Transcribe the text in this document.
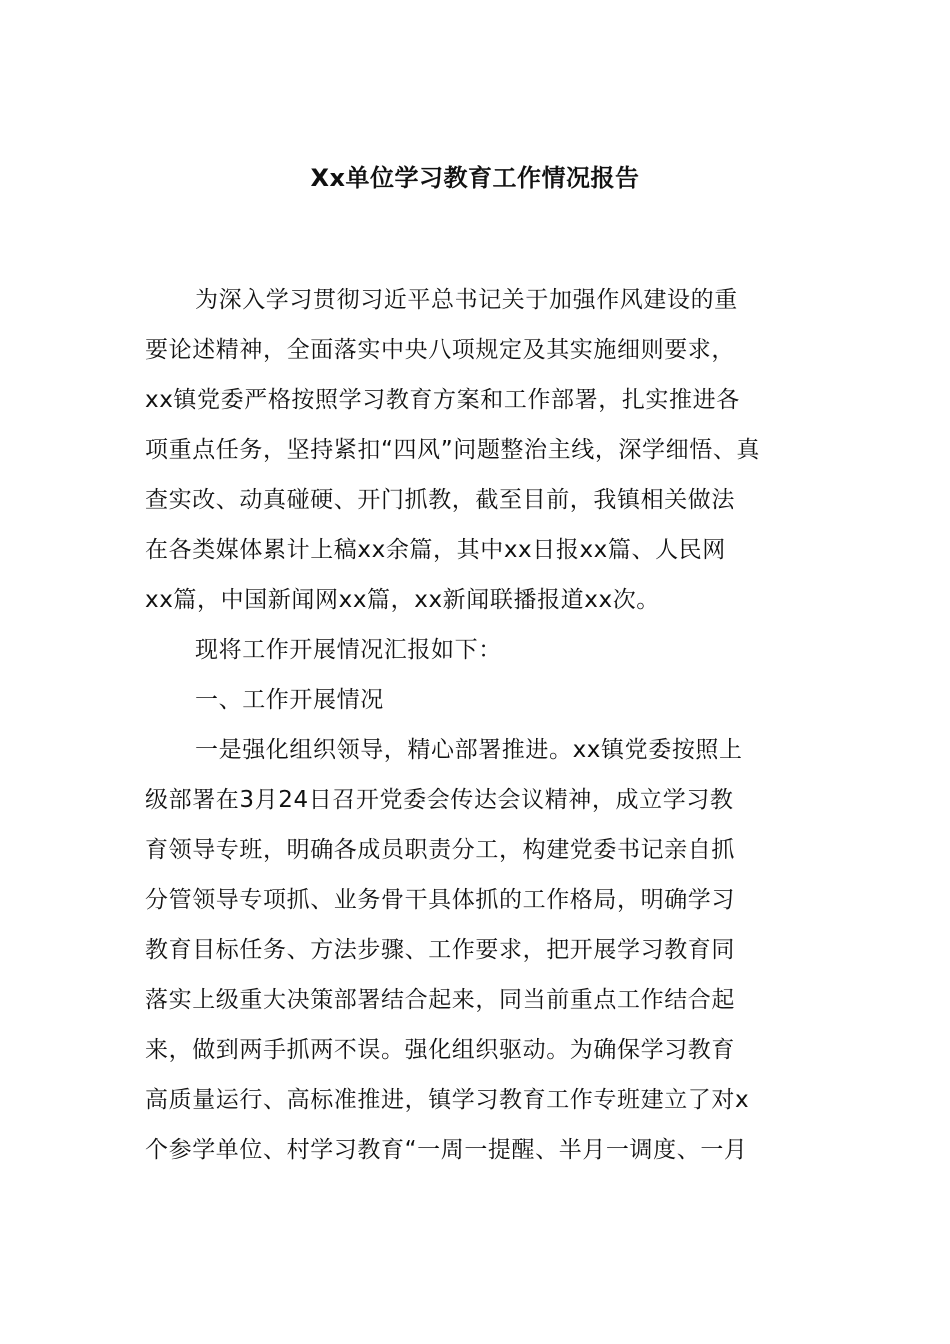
Xx单位学习教育工作情况报告
为深入学习贯彻习近平总书记关于加强作风建设的重
要论述精神，全面落实中央八项规定及其实施细则要求，
xx镇党委严格按照学习教育方案和工作部署，扎实推进各
项重点任务，坚持紧扣“四风”问题整治主线，深学细悟、真
查实改、动真碰硬、开门抓教，截至目前，我镇相关做法
在各类媒体累计上稿xx余篇，其中xx日报xx篇、人民网
xx篇，中国新闻网xx篇，xx新闻联播报道xx次。
现将工作开展情况汇报如下：
一、工作开展情况
一是强化组织领导，精心部署推进。xx镇党委按照上
级部署在3月24日召开党委会传达会议精神，成立学习教
育领导专班，明确各成员职责分工，构建党委书记亲自抓
分管领导专项抓、业务骨干具体抓的工作格局，明确学习
教育目标任务、方法步骤、工作要求，把开展学习教育同
落实上级重大决策部署结合起来，同当前重点工作结合起
来，做到两手抓两不误。强化组织驱动。为确保学习教育
高质量运行、高标准推进，镇学习教育工作专班建立了对x
个参学单位、村学习教育“一周一提醒、半月一调度、一月
